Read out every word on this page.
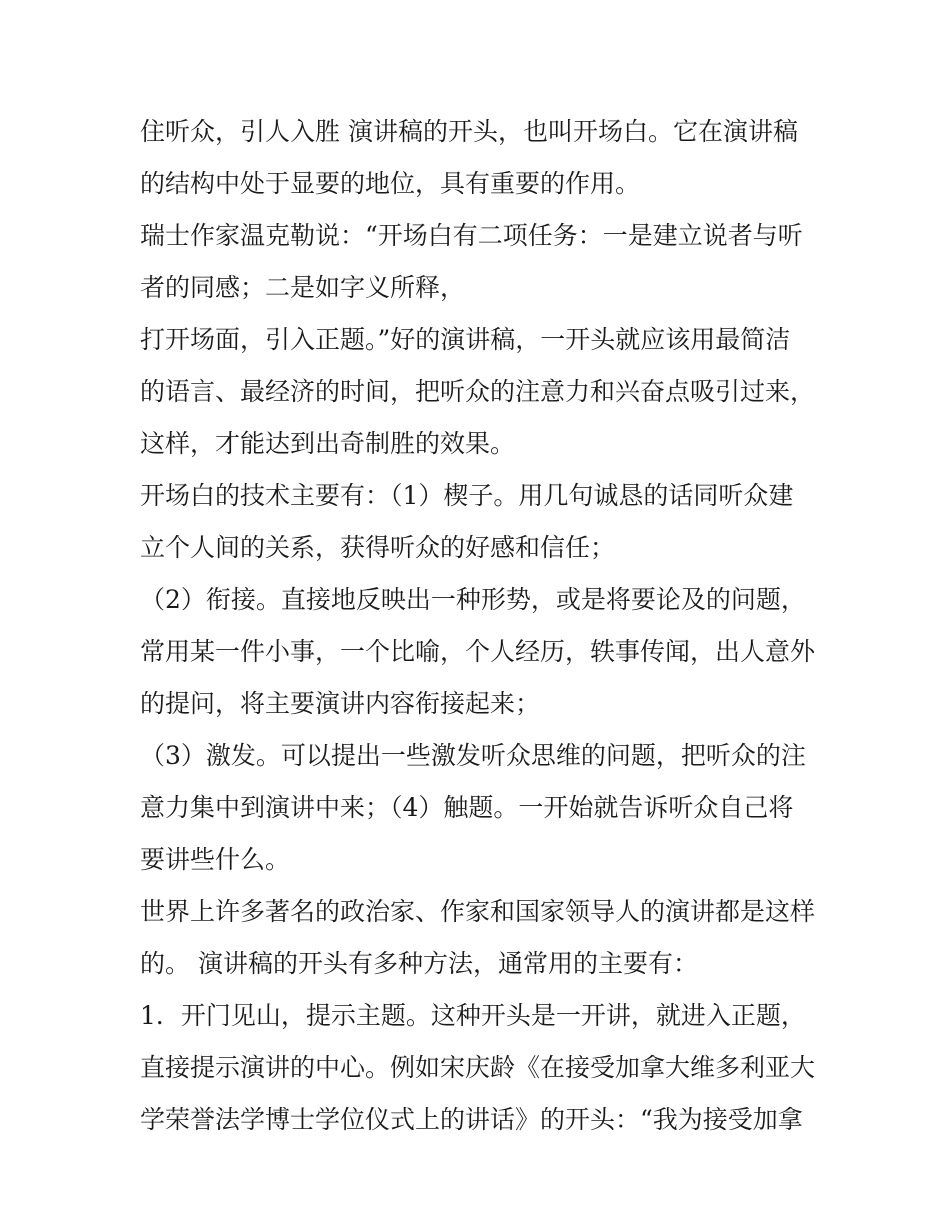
住听众，引人入胜 演讲稿的开头，也叫开场白。它在演讲稿
的结构中处于显要的地位，具有重要的作用。
瑞士作家温克勒说：“开场白有二项任务：一是建立说者与听
者的同感；二是如字义所释，
打开场面，引入正题。”好的演讲稿，一开头就应该用最简洁
的语言、最经济的时间，把听众的注意力和兴奋点吸引过来，
这样，才能达到出奇制胜的效果。
开场白的技术主要有：（1）楔子。用几句诚恳的话同听众建
立个人间的关系，获得听众的好感和信任；
（2）衔接。直接地反映出一种形势，或是将要论及的问题，
常用某一件小事，一个比喻，个人经历，轶事传闻，出人意外
的提问，将主要演讲内容衔接起来；
（3）激发。可以提出一些激发听众思维的问题，把听众的注
意力集中到演讲中来；（4）触题。一开始就告诉听众自己将
要讲些什么。
世界上许多著名的政治家、作家和国家领导人的演讲都是这样
的。 演讲稿的开头有多种方法，通常用的主要有：
1．开门见山，提示主题。这种开头是一开讲，就进入正题，
直接提示演讲的中心。例如宋庆龄《在接受加拿大维多利亚大
学荣誉法学博士学位仪式上的讲话》的开头：“我为接受加拿
